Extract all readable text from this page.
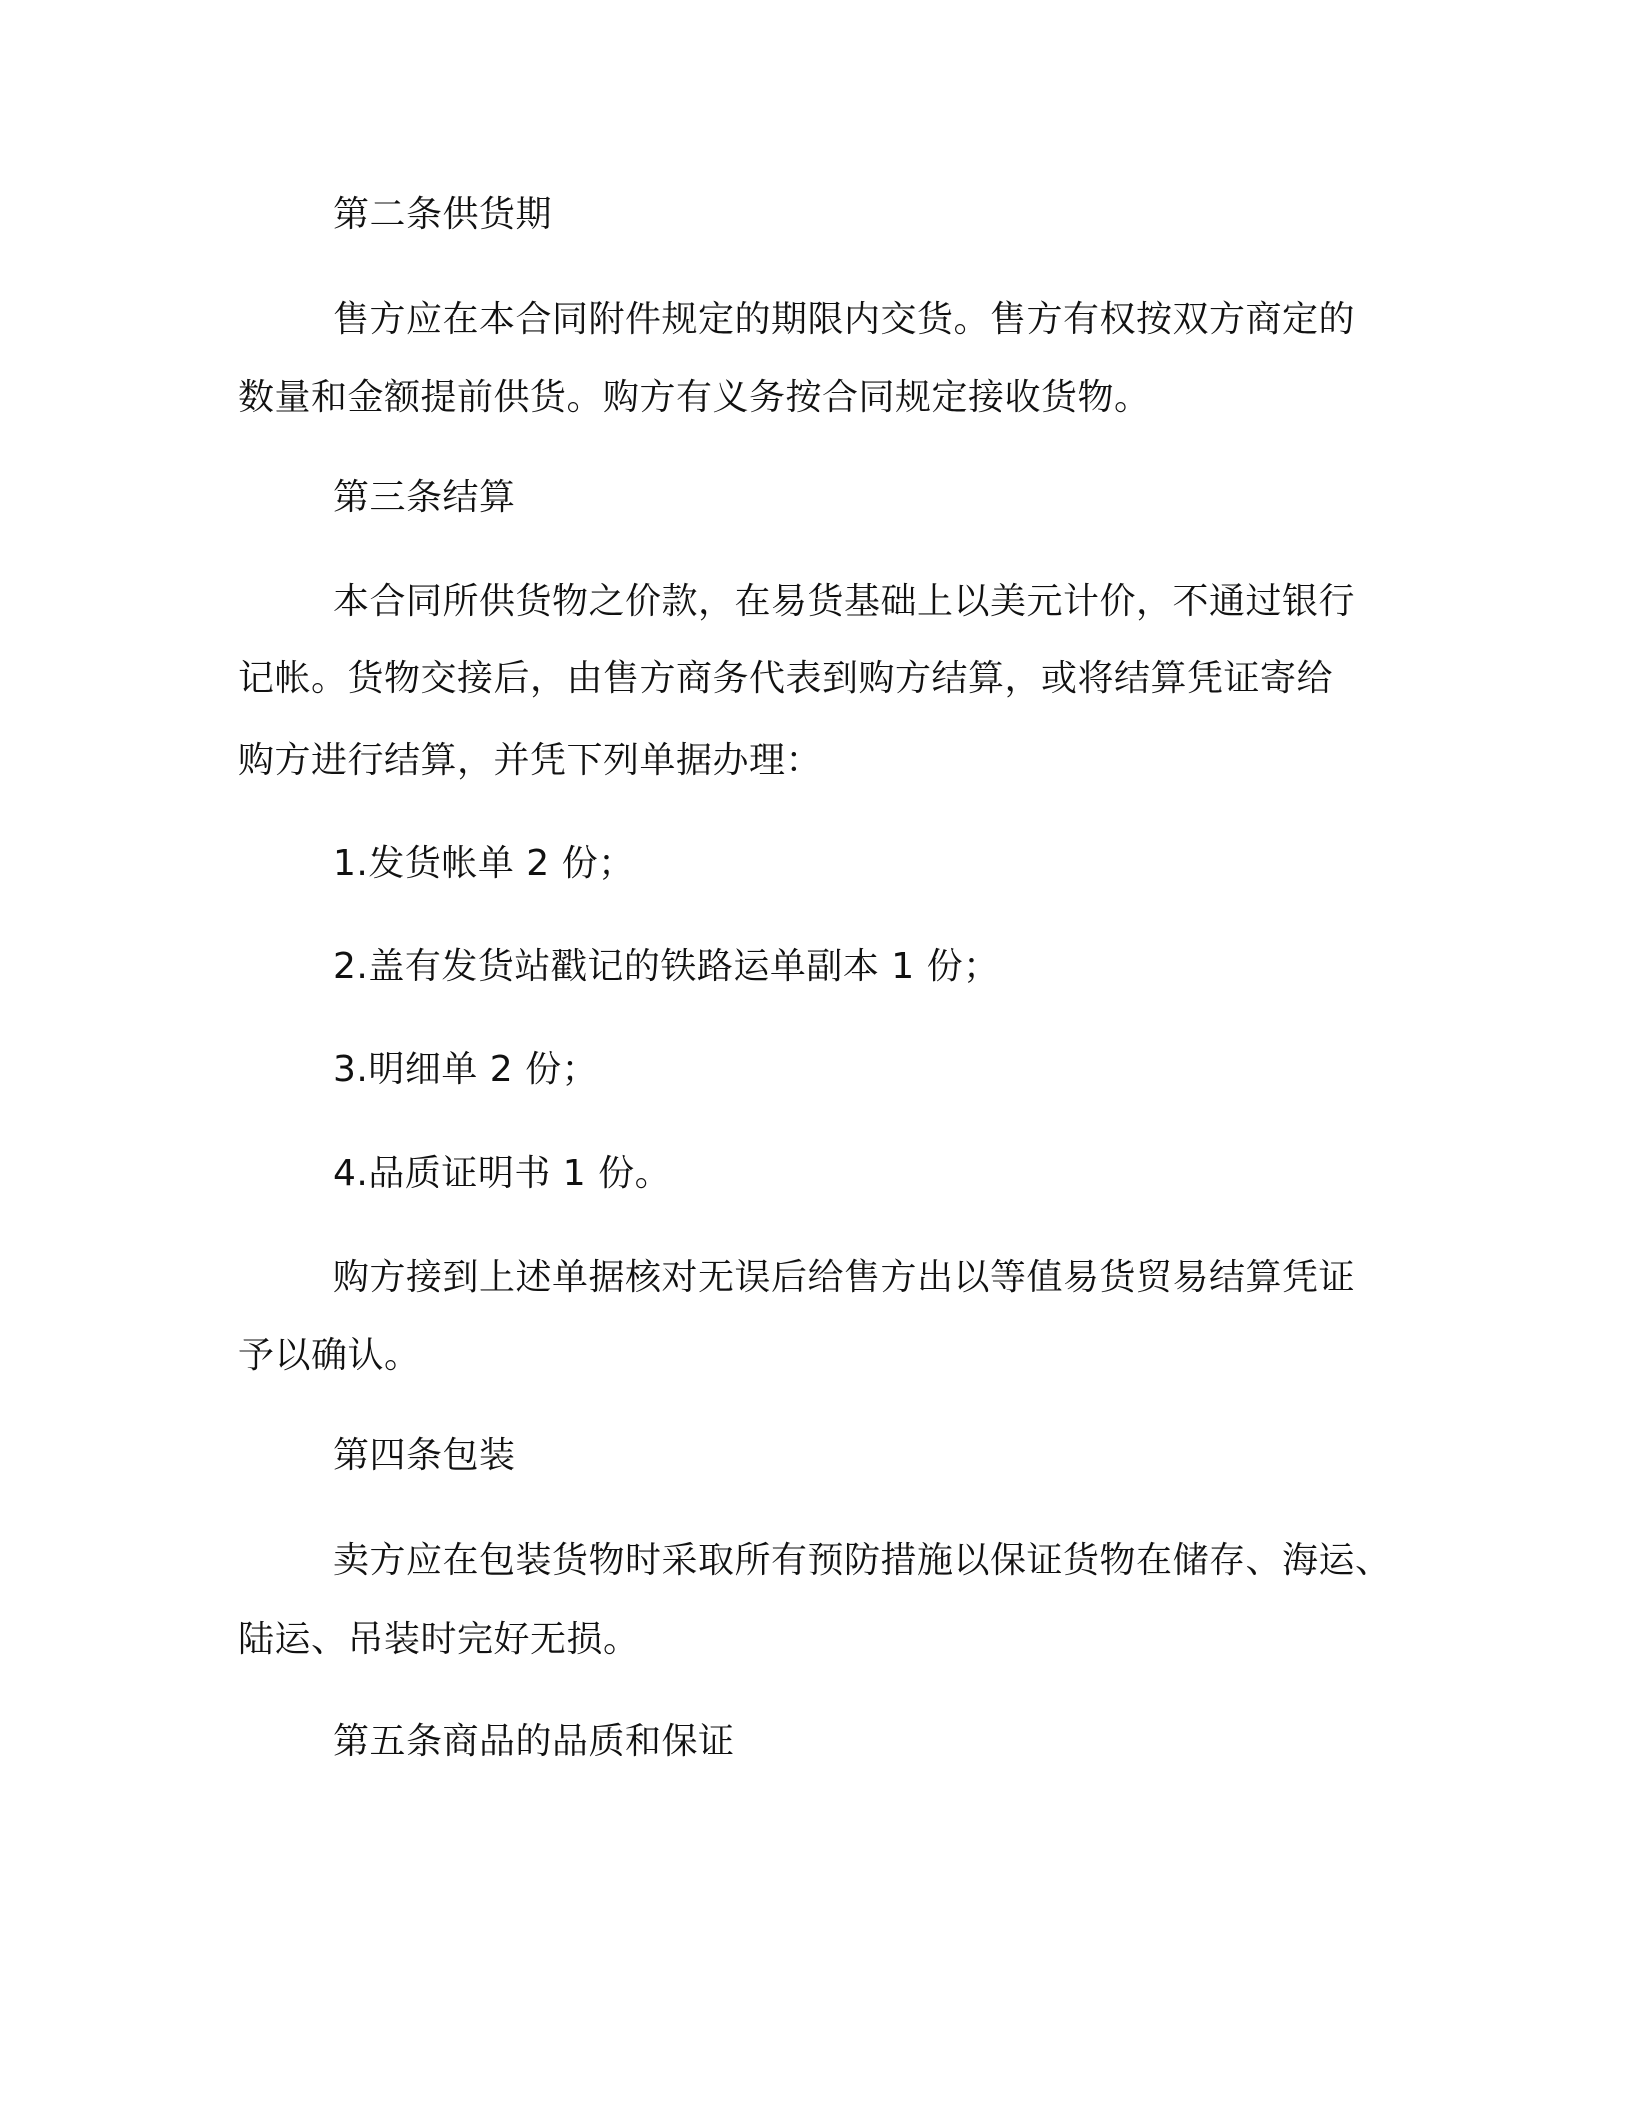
第二条供货期
售方应在本合同附件规定的期限内交货。售方有权按双方商定的
数量和金额提前供货。购方有义务按合同规定接收货物。
第三条结算
本合同所供货物之价款，在易货基础上以美元计价，不通过银行
记帐。货物交接后，由售方商务代表到购方结算，或将结算凭证寄给
购方进行结算，并凭下列单据办理：
1.发货帐单 2 份；
2.盖有发货站戳记的铁路运单副本 1 份；
3.明细单 2 份；
4.品质证明书 1 份。
购方接到上述单据核对无误后给售方出以等值易货贸易结算凭证
予以确认。
第四条包装
卖方应在包装货物时采取所有预防措施以保证货物在储存、海运、
陆运、吊装时完好无损。
第五条商品的品质和保证
